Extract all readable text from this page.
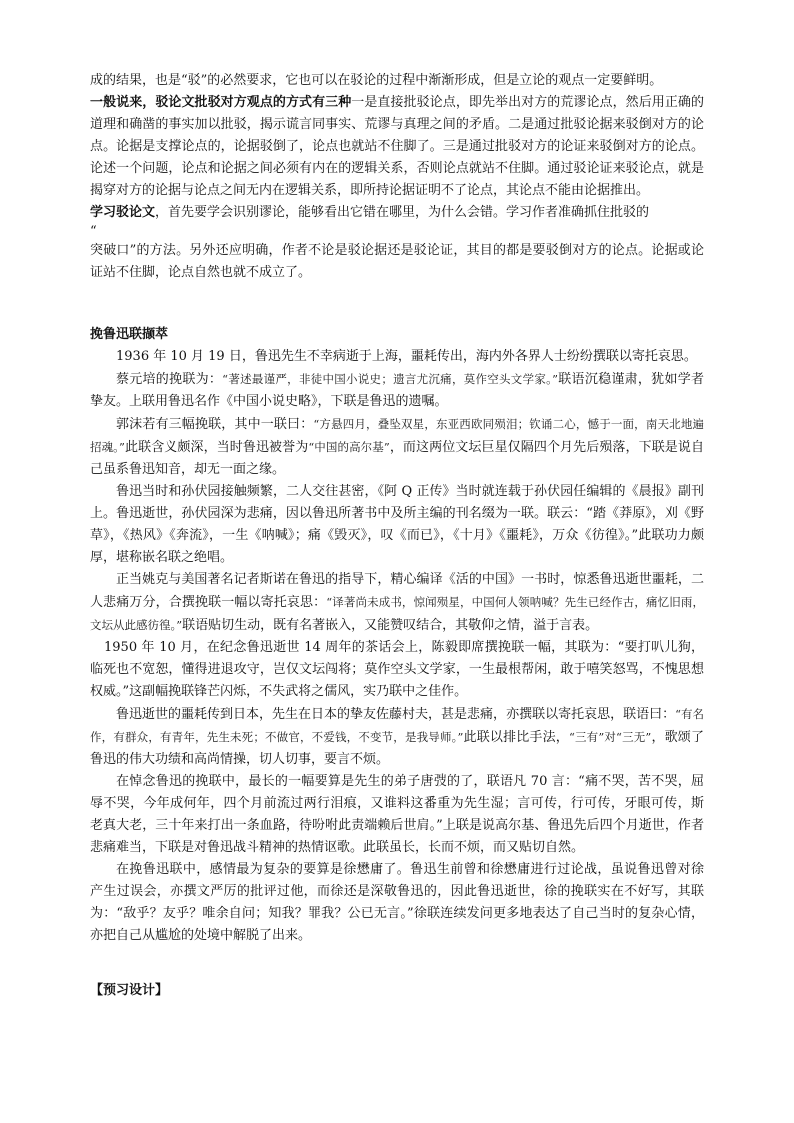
成的结果，也是“驳”的必然要求，它也可以在驳论的过程中渐渐形成，但是立论的观点一定要鲜明。

一般说来，驳论文批驳对方观点的方式有三种一是直接批驳论点，即先举出对方的荒谬论点，然后用正确的道理和确凿的事实加以批驳，揭示谎言同事实、荒谬与真理之间的矛盾。二是通过批驳论据来驳倒对方的论点。论据是支撑论点的，论据驳倒了，论点也就站不住脚了。三是通过批驳对方的论证来驳倒对方的论点。论述一个问题，论点和论据之间必须有内在的逻辑关系，否则论点就站不住脚。通过驳论证来驳论点，就是揭穿对方的论据与论点之间无内在逻辑关系，即所持论据证明不了论点，其论点不能由论据推出。

学习驳论文，首先要学会识别谬论，能够看出它错在哪里，为什么会错。学习作者准确抓住批驳的

“

突破口”的方法。另外还应明确，作者不论是驳论据还是驳论证，其目的都是要驳倒对方的论点。论据或论证站不住脚，论点自然也就不成立了。

挽鲁迅联撷萃

1936 年 10 月 19 日，鲁迅先生不幸病逝于上海，噩耗传出，海内外各界人士纷纷撰联以寄托哀思。

蔡元培的挽联为：“著述最谨严，非徒中国小说史；遗言尤沉痛，莫作空头文学家。”联语沉稳谨肃，犹如学者挚友。上联用鲁迅名作《中国小说史略》，下联是鲁迅的遗嘱。

郭沫若有三幅挽联，其中一联曰：“方悬四月，叠坠双星，东亚西欧同殒泪；钦诵二心，憾于一面，南天北地遍招魂。”此联含义颇深，当时鲁迅被誉为“中国的高尔基”，而这两位文坛巨星仅隔四个月先后殒落，下联是说自己虽系鲁迅知音，却无一面之缘。

鲁迅当时和孙伏园接触频繁，二人交往甚密，《阿 Q 正传》当时就连载于孙伏园任编辑的《晨报》副刊上。鲁迅逝世，孙伏园深为悲痛，因以鲁迅所著书中及所主编的刊名缀为一联。联云：“踏《莽原》，刈《野草》，《热风》《奔流》，一生《呐喊》；痛《毁灭》，叹《而已》，《十月》《噩耗》，万众《彷徨》。”此联功力颇厚，堪称嵌名联之绝唱。

正当姚克与美国著名记者斯诺在鲁迅的指导下，精心编译《活的中国》一书时，惊悉鲁迅逝世噩耗，二人悲痛万分，合撰挽联一幅以寄托哀思：“译著尚未成书，惊闻殒星，中国何人领呐喊？先生已经作古，痛忆旧雨，文坛从此感彷徨。”联语贴切生动，既有名著嵌入，又能赞叹结合，其敬仰之情，溢于言表。

1950 年 10 月，在纪念鲁迅逝世 14 周年的茶话会上，陈毅即席撰挽联一幅，其联为：“要打叭儿狗，临死也不宽恕，懂得进退攻守，岂仅文坛闯将；莫作空头文学家，一生最根帮闲，敢于嘻笑怒骂，不愧思想权威。”这副幅挽联锋芒闪烁，不失武将之儒风，实乃联中之佳作。

鲁迅逝世的噩耗传到日本，先生在日本的挚友佐藤村夫，甚是悲痛，亦撰联以寄托哀思，联语曰：“有名作，有群众，有青年，先生未死；不做官，不爱钱，不变节，是我导师。”此联以排比手法，“三有”对“三无”，歌颂了鲁迅的伟大功绩和高尚情操，切人切事，要言不烦。

在悼念鲁迅的挽联中，最长的一幅要算是先生的弟子唐弢的了，联语凡 70 言：“痛不哭，苦不哭，屈 辱不哭，今年成何年，四个月前流过两行泪痕，又谁料这番重为先生湿；言可传，行可传，牙眼可传，斯 老真大老，三十年来打出一条血路，待吩咐此责端赖后世肩。”上联是说高尔基、鲁迅先后四个月逝世，作者悲痛难当，下联是对鲁迅战斗精神的热情讴歌。此联虽长，长而不烦，而又贴切自然。

在挽鲁迅联中，感情最为复杂的要算是徐懋庸了。鲁迅生前曾和徐懋庸进行过论战，虽说鲁迅曾对徐 产生过误会，亦撰文严厉的批评过他，而徐还是深敬鲁迅的，因此鲁迅逝世，徐的挽联实在不好写，其联 为：“敌乎？友乎？唯余自问；知我？罪我？公已无言。”徐联连续发问更多地表达了自己当时的复杂心情，亦把自己从尴尬的处境中解脱了出来。

【预习设计】
